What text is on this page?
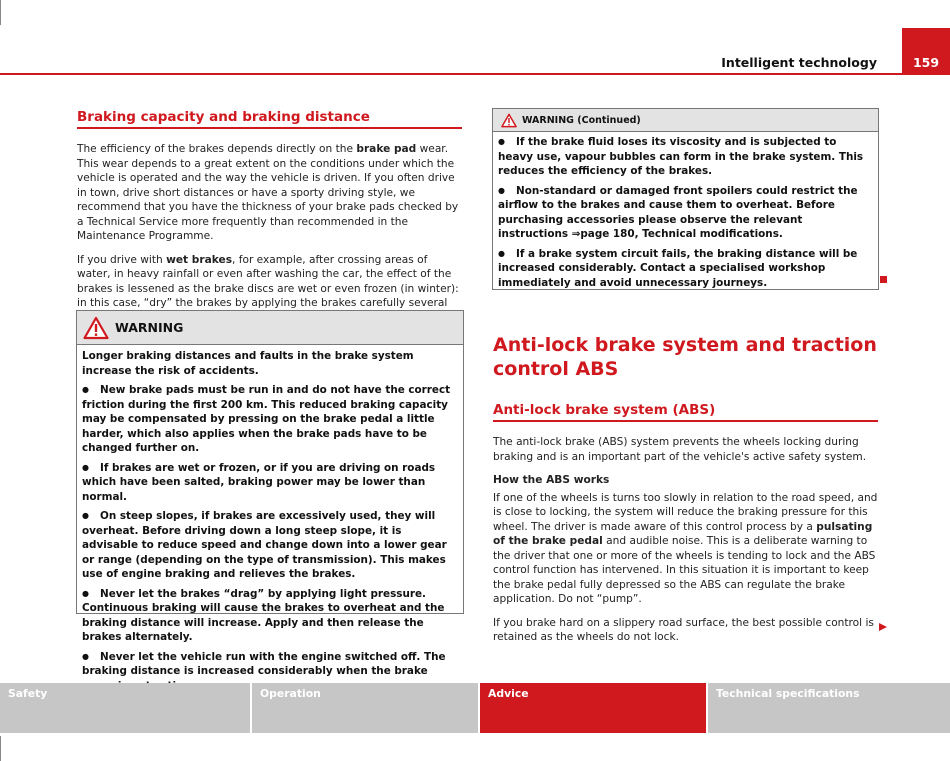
Intelligent technology	159
Braking capacity and braking distance

The efficiency of the brakes depends directly on the brake pad wear. This wear depends to a great extent on the conditions under which the vehicle is operated and the way the vehicle is driven. If you often drive in town, drive short distances or have a sporty driving style, we recommend that you have the thickness of your brake pads checked by a Technical Service more frequently than recommended in the Maintenance Programme.

If you drive with wet brakes, for example, after crossing areas of water, in heavy rainfall or even after washing the car, the effect of the brakes is lessened as the brake discs are wet or even frozen (in winter): in this case, “dry” the brakes by applying the brakes carefully several

WARNING
Longer braking distances and faults in the brake system increase the risk of accidents.
● New brake pads must be run in and do not have the correct friction during the first 200 km. This reduced braking capacity may be compensated by pressing on the brake pedal a little harder, which also applies when the brake pads have to be changed further on.
● If brakes are wet or frozen, or if you are driving on roads which have been salted, braking power may be lower than normal.
● On steep slopes, if brakes are excessively used, they will overheat. Before driving down a long steep slope, it is advisable to reduce speed and change down into a lower gear or range (depending on the type of transmission). This makes use of engine braking and relieves the brakes.
● Never let the brakes “drag” by applying light pressure. Continuous braking will cause the brakes to overheat and the braking distance will increase. Apply and then release the brakes alternately.
● Never let the vehicle run with the engine switched off. The braking distance is increased considerably when the brake
WARNING (Continued)
● If the brake fluid loses its viscosity and is subjected to heavy use, vapour bubbles can form in the brake system. This reduces the efficiency of the brakes.
● Non-standard or damaged front spoilers could restrict the airflow to the brakes and cause them to overheat. Before purchasing accessories please observe the relevant instructions ⇒page 180, Technical modifications.
● If a brake system circuit fails, the braking distance will be increased considerably. Contact a specialised workshop immediately and avoid unnecessary journeys.
Anti-lock brake system and traction control ABS
Anti-lock brake system (ABS)

The anti-lock brake (ABS) system prevents the wheels locking during braking and is an important part of the vehicle's active safety system.

How the ABS works

If one of the wheels is turns too slowly in relation to the road speed, and is close to locking, the system will reduce the braking pressure for this wheel. The driver is made aware of this control process by a pulsating of the brake pedal and audible noise. This is a deliberate warning to the driver that one or more of the wheels is tending to lock and the ABS control function has intervened. In this situation it is important to keep the brake pedal fully depressed so the ABS can regulate the brake application. Do not “pump”.

If you brake hard on a slippery road surface, the best possible control is retained as the wheels do not lock.

Safety	Operation	Advice	Technical specifications
